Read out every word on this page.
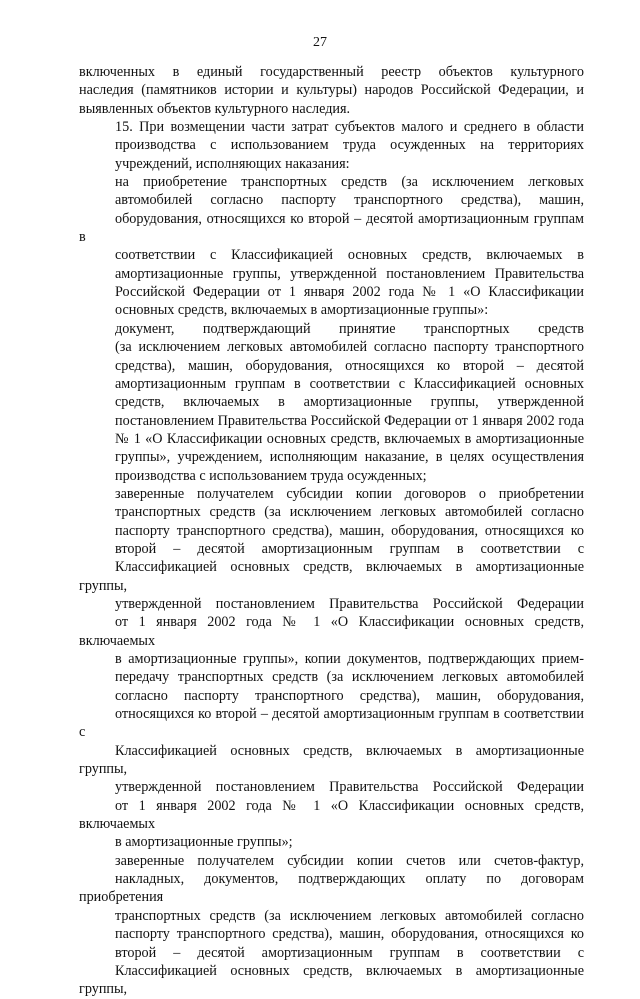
27
включенных в единый государственный реестр объектов культурного
наследия (памятников истории и культуры) народов Российской Федерации, и
выявленных объектов культурного наследия.
15. При возмещении части затрат субъектов малого и среднего в области
производства с использованием труда осужденных на территориях
учреждений, исполняющих наказания:
на приобретение транспортных средств (за исключением легковых
автомобилей согласно паспорту транспортного средства), машин,
оборудования, относящихся ко второй – десятой амортизационным группам в
соответствии с Классификацией основных средств, включаемых в
амортизационные группы, утвержденной постановлением Правительства
Российской Федерации от 1 января 2002 года № 1 «О Классификации
основных средств, включаемых в амортизационные группы»:
документ, подтверждающий принятие транспортных средств
(за исключением легковых автомобилей согласно паспорту транспортного
средства), машин, оборудования, относящихся ко второй – десятой
амортизационным группам в соответствии с Классификацией основных
средств, включаемых в амортизационные группы, утвержденной
постановлением Правительства Российской Федерации от 1 января 2002 года
№ 1 «О Классификации основных средств, включаемых в амортизационные
группы», учреждением, исполняющим наказание, в целях осуществления
производства с использованием труда осужденных;
заверенные получателем субсидии копии договоров о приобретении
транспортных средств (за исключением легковых автомобилей согласно
паспорту транспортного средства), машин, оборудования, относящихся ко
второй – десятой амортизационным группам в соответствии с
Классификацией основных средств, включаемых в амортизационные группы,
утвержденной постановлением Правительства Российской Федерации
от 1 января 2002 года № 1 «О Классификации основных средств, включаемых
в амортизационные группы», копии документов, подтверждающих прием-
передачу транспортных средств (за исключением легковых автомобилей
согласно паспорту транспортного средства), машин, оборудования,
относящихся ко второй – десятой амортизационным группам в соответствии с
Классификацией основных средств, включаемых в амортизационные группы,
утвержденной постановлением Правительства Российской Федерации
от 1 января 2002 года № 1 «О Классификации основных средств, включаемых
в амортизационные группы»;
заверенные получателем субсидии копии счетов или счетов-фактур,
накладных, документов, подтверждающих оплату по договорам приобретения
транспортных средств (за исключением легковых автомобилей согласно
паспорту транспортного средства), машин, оборудования, относящихся ко
второй – десятой амортизационным группам в соответствии с
Классификацией основных средств, включаемых в амортизационные группы,
